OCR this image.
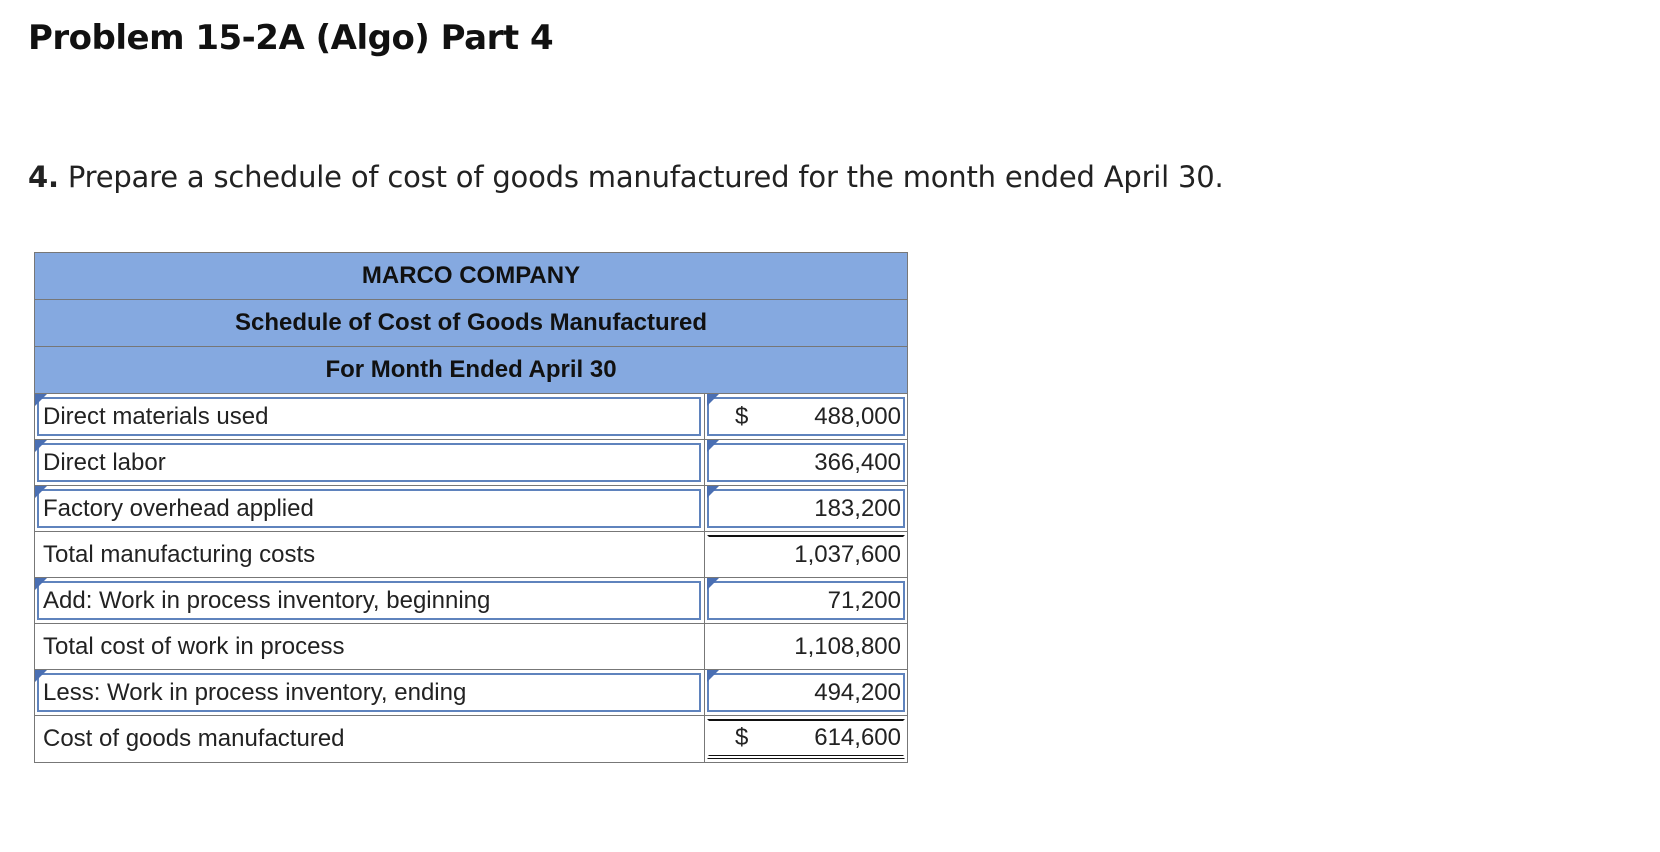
Problem 15-2A (Algo) Part 4

4. Prepare a schedule of cost of goods manufactured for the month ended April 30.

MARCO COMPANY
Schedule of Cost of Goods Manufactured
For Month Ended April 30
Direct materials used	$	488,000
Direct labor	366,400
Factory overhead applied	183,200
Total manufacturing costs	1,037,600
Add: Work in process inventory, beginning	71,200
Total cost of work in process	1,108,800
Less: Work in process inventory, ending	494,200
Cost of goods manufactured	$	614,600
